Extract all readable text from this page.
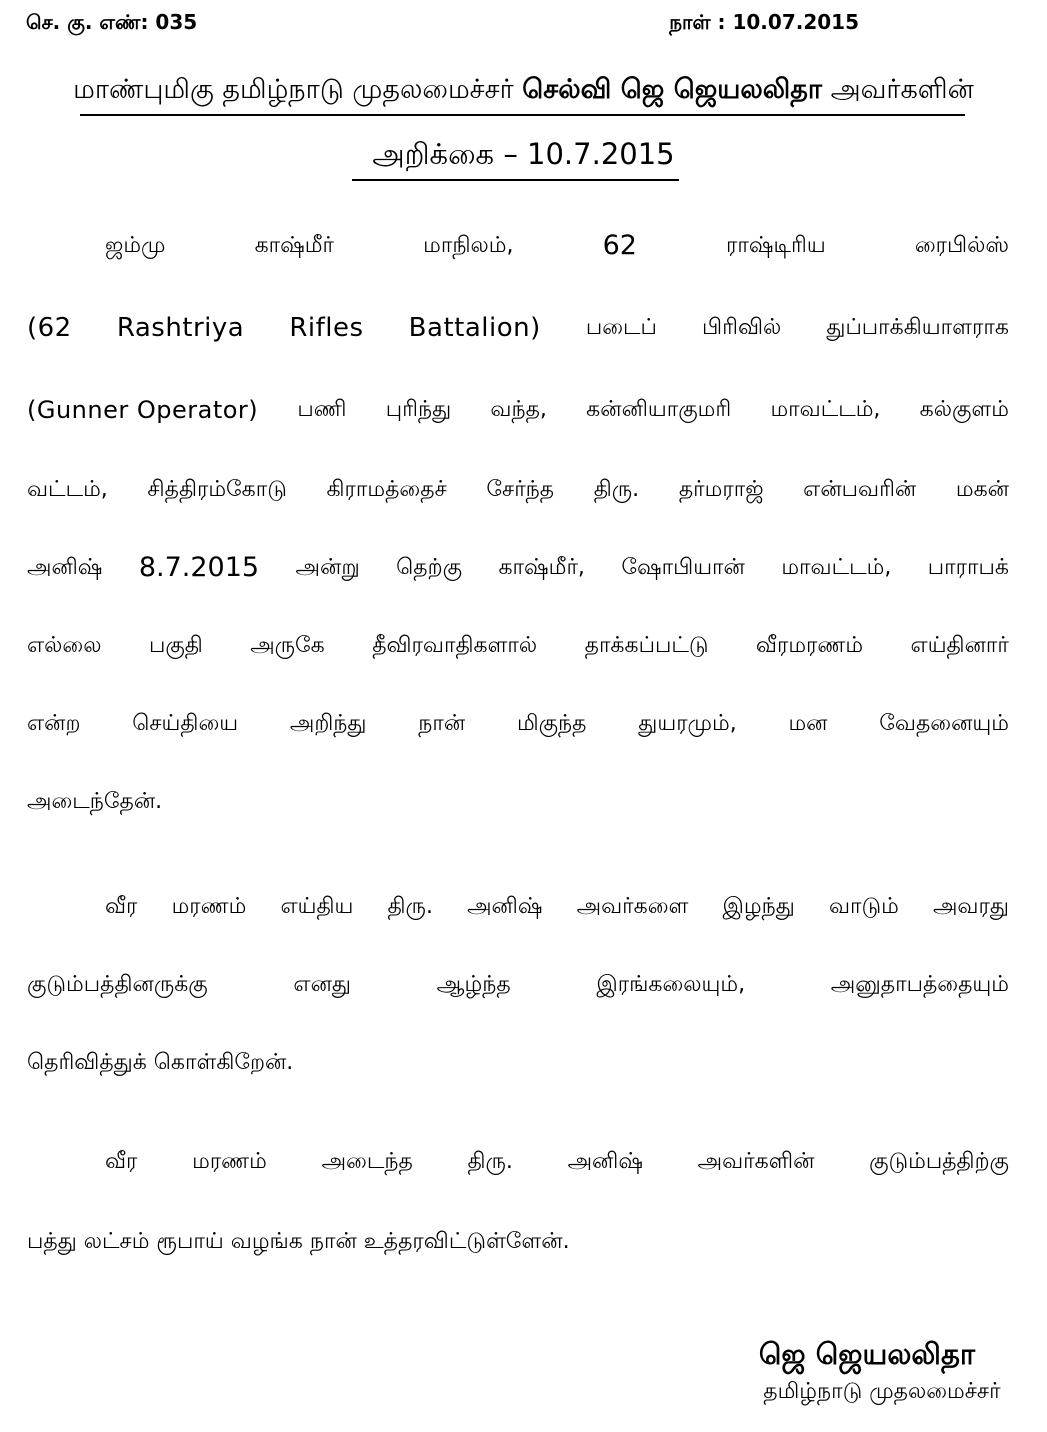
செ. கு. எண்: 035	நாள் : 10.07.2015
மாண்புமிகு தமிழ்நாடு முதலமைச்சர் செல்வி ஜெ ஜெயலலிதா அவர்களின்
அறிக்கை – 10.7.2015
ஜம்மு	காஷ்மீர்	மாநிலம்,	62	ராஷ்டிரிய	ரைபில்ஸ்
(62 Rashtriya Rifles Battalion) படைப் பிரிவில் துப்பாக்கியாளராக
(Gunner Operator) பணி புரிந்து வந்த, கன்னியாகுமரி மாவட்டம், கல்குளம்
வட்டம், சித்திரம்கோடு கிராமத்தைச் சேர்ந்த திரு. தர்மராஜ் என்பவரின் மகன்
அனிஷ் 8.7.2015 அன்று தெற்கு காஷ்மீர், ஷோபியான் மாவட்டம், பாராபக்
எல்லை பகுதி அருகே தீவிரவாதிகளால் தாக்கப்பட்டு வீரமரணம் எய்தினார்
என்ற செய்தியை அறிந்து நான் மிகுந்த துயரமும், மன வேதனையும்
அடைந்தேன்.
வீர மரணம் எய்திய திரு. அனிஷ் அவர்களை இழந்து வாடும் அவரது
குடும்பத்தினருக்கு	எனது	ஆழ்ந்த	இரங்கலையும்,	அனுதாபத்தையும்
தெரிவித்துக் கொள்கிறேன்.
வீர மரணம் அடைந்த திரு. அனிஷ் அவர்களின் குடும்பத்திற்கு
பத்து லட்சம் ரூபாய் வழங்க நான் உத்தரவிட்டுள்ளேன்.
ஜெ ஜெயலலிதா
தமிழ்நாடு முதலமைச்சர்
